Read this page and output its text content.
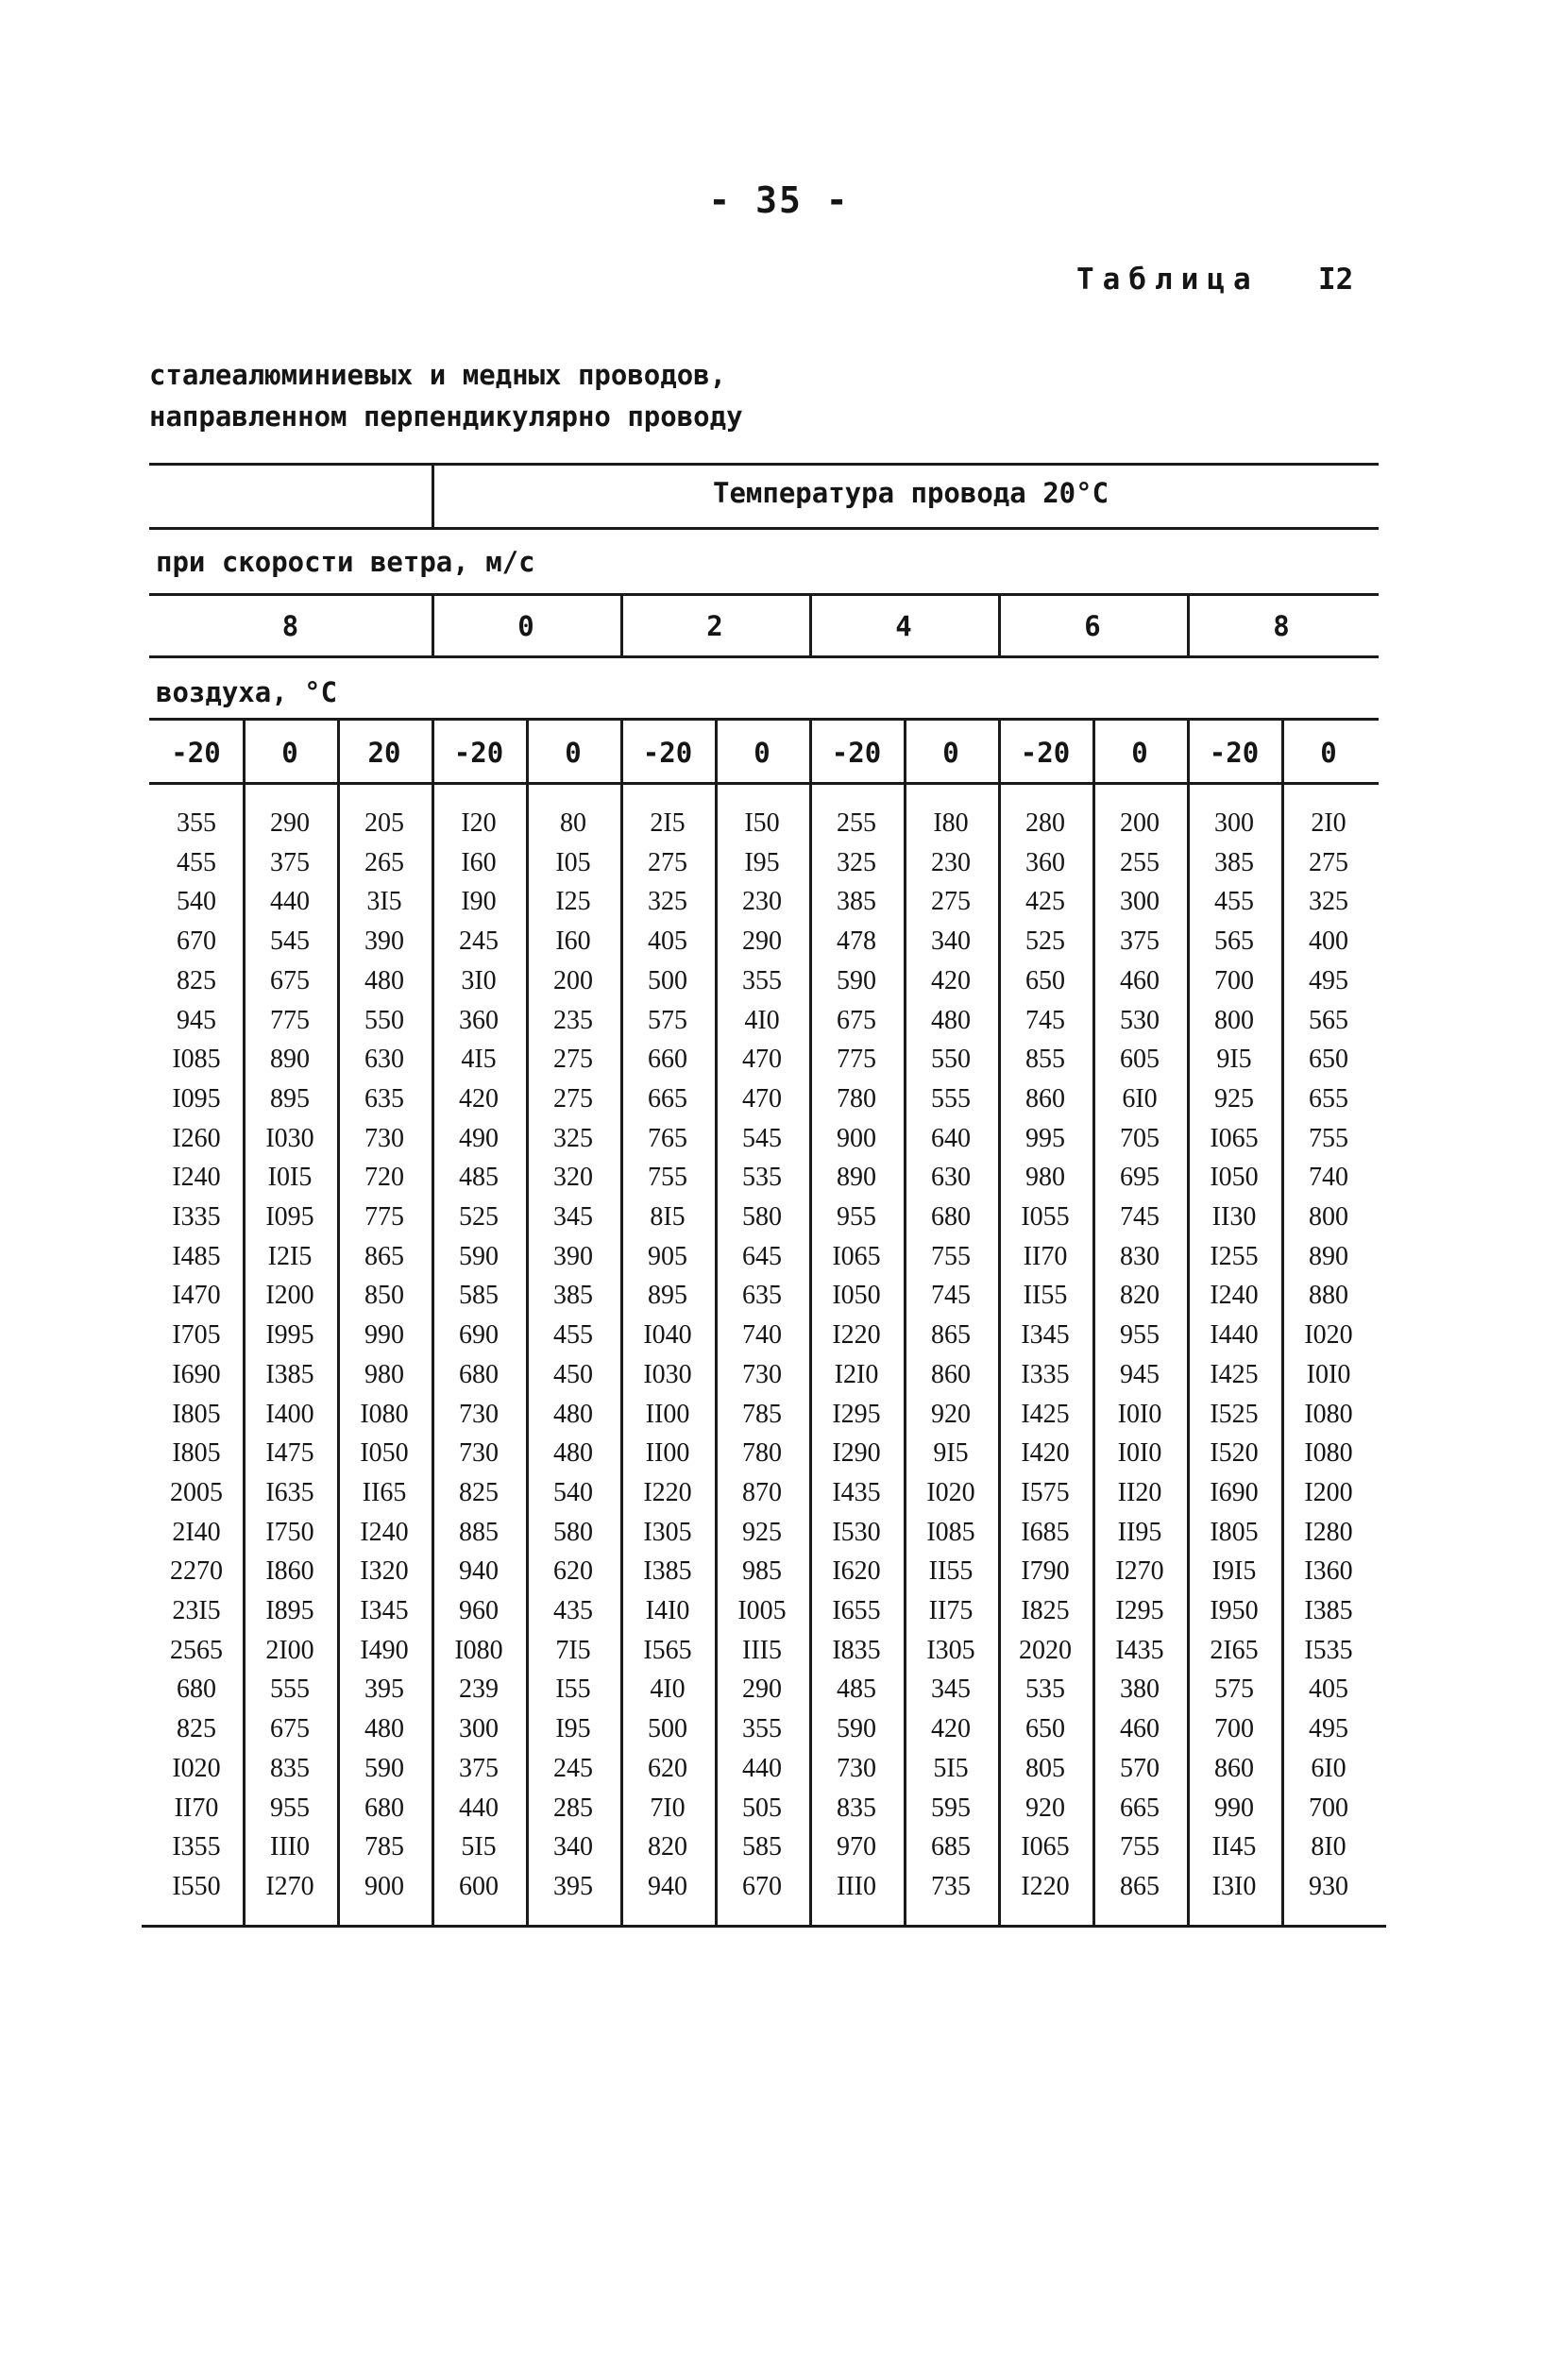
- 35 -
Таблица I2
сталеалюминиевых и медных проводов,
направленном перпендикулярно проводу
Температура провода 20°С
при скорости ветра, м/с
воздуха, °С
8	0	2	4	6	8
-20	0	20	-20	0	-20	0	-20	0	-20	0	-20	0
355	290	205	I20	80	2I5	I50	255	I80	280	200	300	2I0
455	375	265	I60	I05	275	I95	325	230	360	255	385	275
540	440	3I5	I90	I25	325	230	385	275	425	300	455	325
670	545	390	245	I60	405	290	478	340	525	375	565	400
825	675	480	3I0	200	500	355	590	420	650	460	700	495
945	775	550	360	235	575	4I0	675	480	745	530	800	565
I085	890	630	4I5	275	660	470	775	550	855	605	9I5	650
I095	895	635	420	275	665	470	780	555	860	6I0	925	655
I260	I030	730	490	325	765	545	900	640	995	705	I065	755
I240	I0I5	720	485	320	755	535	890	630	980	695	I050	740
I335	I095	775	525	345	8I5	580	955	680	I055	745	II30	800
I485	I2I5	865	590	390	905	645	I065	755	II70	830	I255	890
I470	I200	850	585	385	895	635	I050	745	II55	820	I240	880
I705	I995	990	690	455	I040	740	I220	865	I345	955	I440	I020
I690	I385	980	680	450	I030	730	I2I0	860	I335	945	I425	I0I0
I805	I400	I080	730	480	II00	785	I295	920	I425	I0I0	I525	I080
I805	I475	I050	730	480	II00	780	I290	9I5	I420	I0I0	I520	I080
2005	I635	II65	825	540	I220	870	I435	I020	I575	II20	I690	I200
2I40	I750	I240	885	580	I305	925	I530	I085	I685	II95	I805	I280
2270	I860	I320	940	620	I385	985	I620	II55	I790	I270	I9I5	I360
23I5	I895	I345	960	435	I4I0	I005	I655	II75	I825	I295	I950	I385
2565	2I00	I490	I080	7I5	I565	III5	I835	I305	2020	I435	2I65	I535
680	555	395	239	I55	4I0	290	485	345	535	380	575	405
825	675	480	300	I95	500	355	590	420	650	460	700	495
I020	835	590	375	245	620	440	730	5I5	805	570	860	6I0
II70	955	680	440	285	7I0	505	835	595	920	665	990	700
I355	III0	785	5I5	340	820	585	970	685	I065	755	II45	8I0
I550	I270	900	600	395	940	670	III0	735	I220	865	I3I0	930
